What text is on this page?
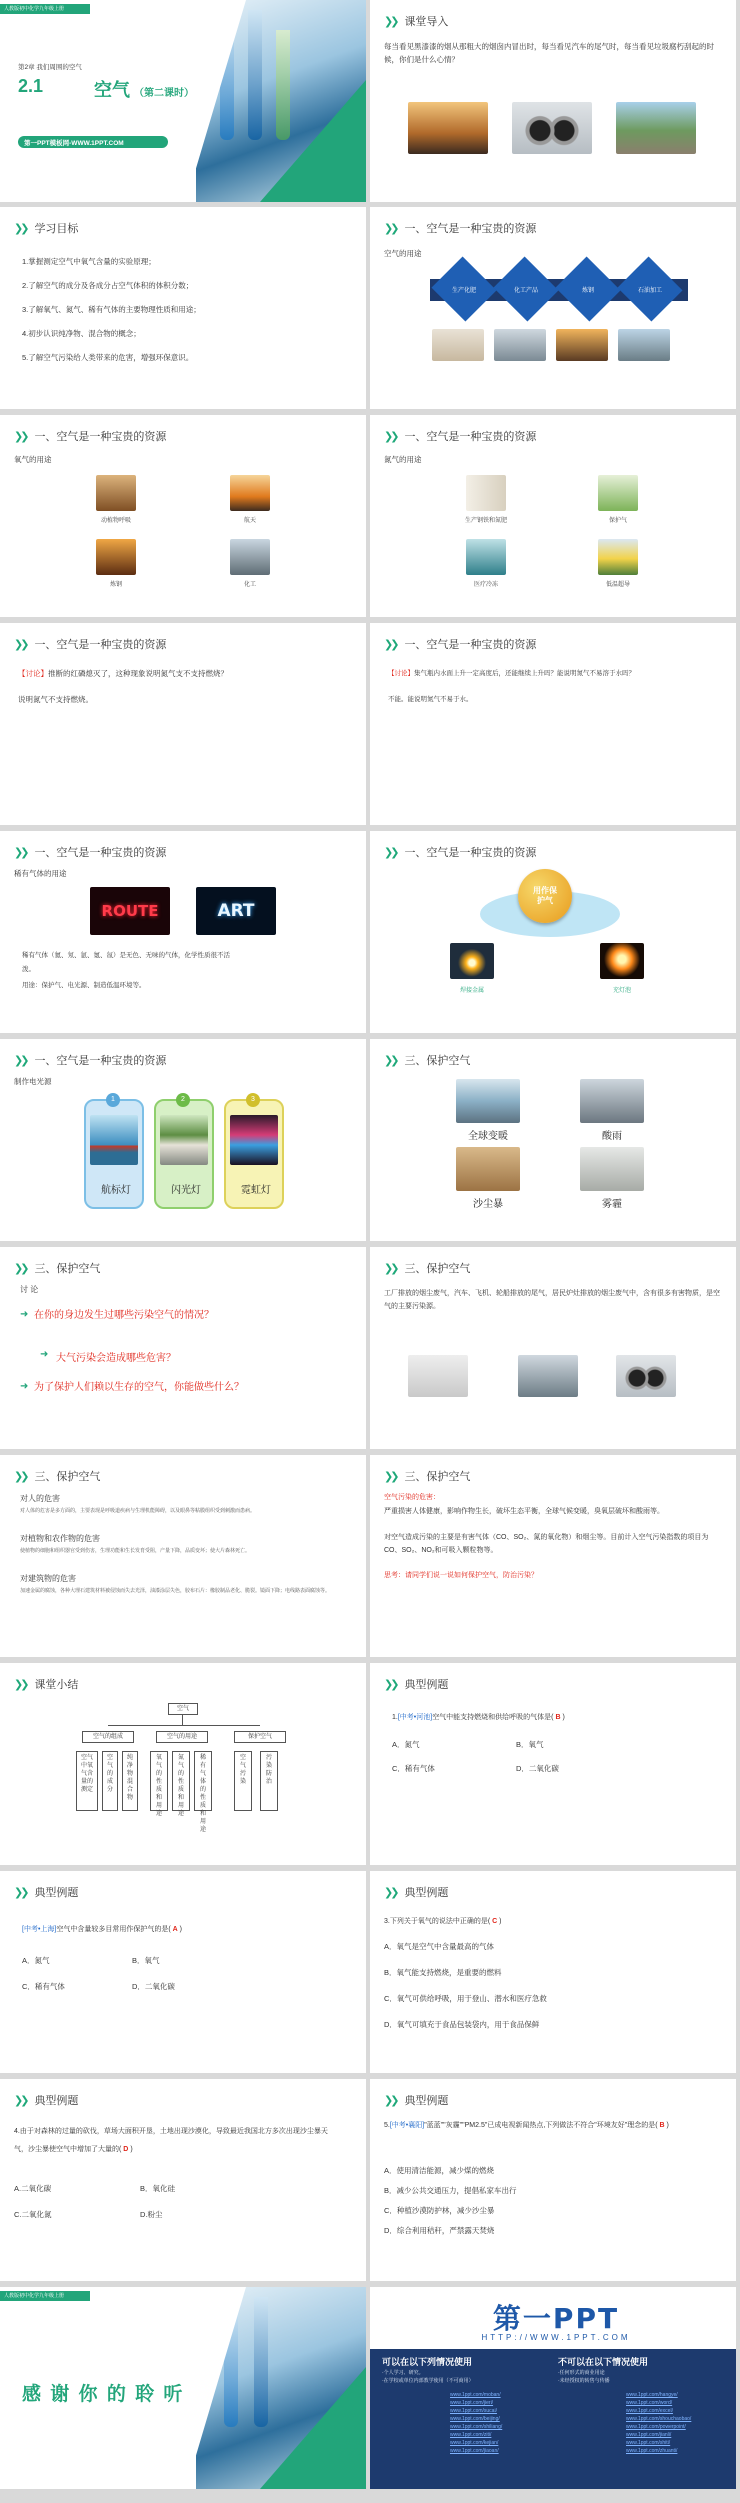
人教版初中化学九年级上册
第2章 我们周围的空气
2.1	空气 （第二课时）
第一PPT模板网-WWW.1PPT.COM
❯❯ 课堂导入
每当看见黑漆漆的烟从那粗大的烟囱内冒出时，每当看见汽车的尾气时，每当看见垃圾腐朽刮起的时候，你们是什么心情？
❯❯ 学习目标
1.掌握测定空气中氧气含量的实验原理；
2.了解空气的成分及各成分占空气体积的体积分数；
3.了解氧气、氮气、稀有气体的主要物理性质和用途；
4.初步认识纯净物、混合物的概念；
5.了解空气污染给人类带来的危害，增强环保意识。
❯❯ 一、空气是一种宝贵的资源
空气的用途
生产化肥	化工产品	炼钢	石油加工
❯❯ 一、空气是一种宝贵的资源
氧气的用途
动植物呼吸	航天
炼钢	化工
❯❯ 一、空气是一种宝贵的资源
氮气的用途
生产钢铁和氮肥	保护气
医疗冷冻	低温超导
❯❯ 一、空气是一种宝贵的资源
【讨论】推断的红磷熄灭了，这种现象说明氮气支不支持燃烧？
说明氮气不支持燃烧。
❯❯ 一、空气是一种宝贵的资源
【讨论】集气瓶内水面上升一定高度后，还能继续上升吗？能说明氮气不易溶于水吗？
不能。能说明氮气不易于水。
❯❯ 一、空气是一种宝贵的资源
稀有气体的用途
ROUTE	ART
稀有气体（氦、氖、氩、氪、氙）是无色、无味的气体，化学性质很不活泼。
用途：保护气、电光源、制造低温环境等。
❯❯ 一、空气是一种宝贵的资源
用作保护气
焊接金属	充灯泡
❯❯ 一、空气是一种宝贵的资源
制作电光源
1	2	3
航标灯	闪光灯	霓虹灯
❯❯ 三、保护空气
全球变暖	酸雨
沙尘暴	雾霾
❯❯ 三、保护空气
讨 论
➜ 在你的身边发生过哪些污染空气的情况？
➜ 大气污染会造成哪些危害？
➜ 为了保护人们赖以生存的空气，你能做些什么？
❯❯ 三、保护空气
工厂排放的烟尘废气，汽车、飞机、轮船排放的尾气，居民炉灶排放的烟尘废气中，含有很多有害物质，是空气的主要污染源。
❯❯ 三、保护空气
对人的危害
对人体的危害是多方面的，主要表现是呼吸道疾病与生理机能障碍，以及眼鼻等粘膜组织受到刺激而患病。
对植物和农作物的危害
使植物的细胞和组织器官受到伤害，生理功能和生长发育受阻，产量下降，品质变坏；使大片森林死亡。
对建筑物的危害
加速金属的腐蚀，各种大理石建筑材料被侵蚀而失去光泽，油漆涂层失色，胶布石片：橡胶制品老化、脆裂。镜面下降；电线路表面腐蚀等。
❯❯ 三、保护空气
空气污染的危害：
严重损害人体健康，影响作物生长，破坏生态平衡，全球气候变暖，臭氧层破坏和酸雨等。
对空气造成污染的主要是有害气体（CO、SO₂、氮的氧化物）和烟尘等。目前计入空气污染指数的项目为CO、SO₂、NO₂和可吸入颗粒物等。
思考：请同学们说一说如何保护空气，防治污染？
❯❯ 课堂小结
空气
空气的组成	空气的用途	保护空气
空气中氧气含量的测定
空气的成分
纯净物混合物
氧气的性质和用途
氮气的性质和用途
稀有气体的性质和用途
空气污染
污染防治
❯❯ 典型例题
1.[中考•河池]空气中能支持燃烧和供给呼吸的气体是( B )
A．氮气	B．氧气
C．稀有气体	D．二氧化碳
❯❯ 典型例题
[中考•上海]空气中含量较多目常用作保护气的是( A )
A．氮气	B．氧气
C．稀有气体	D．二氧化碳
❯❯ 典型例题
3.下列关于氧气的说法中正确的是( C )
A．氧气是空气中含量最高的气体
B．氧气能支持燃烧，是重要的燃料
C．氧气可供给呼吸，用于登山、潜水和医疗急救
D．氧气可填充于食品包装袋内，用于食品保鲜
❯❯ 典型例题
4.由于对森林的过量的砍伐，草场大面积开垦，土地出现沙漠化，导致最近我国北方多次出现沙尘暴天气，沙尘暴使空气中增加了大量的( D )
A.二氧化碳	B．氧化硅
C.二氧化氮	D.粉尘
❯❯ 典型例题
5.[中考•襄阳]"蓝蓝""灰霾""PM2.5"已成电视新闻热点,下列做法不符合"环境友好"理念的是( B )
A．使用清洁能源，减少煤的燃烧
B．减少公共交通压力，提倡私家车出行
C．种植沙漠防护林，减少沙尘暴
D．综合利用秸秆，严禁露天焚烧
人教版初中化学九年级上册
感 谢 你 的 聆 听
第一PPT
HTTP://WWW.1PPT.COM
可以在以下列情况使用
·个人学习、研究。
·在学校或单位内部教学使用（不可商用）
不可以在以下情况使用
·任何形式的商业用途
·未经授权的转售与传播
www.1ppt.com/moban/
www.1ppt.com/jieri/
www.1ppt.com/sucai/
www.1ppt.com/beijing/
www.1ppt.com/shiliang/
www.1ppt.com/ziti/
www.1ppt.com/kejian/
www.1ppt.com/jiaoan/
www.1ppt.com/hangye/
www.1ppt.com/word/
www.1ppt.com/excel/
www.1ppt.com/shouchaobao/
www.1ppt.com/powerpoint/
www.1ppt.com/jianli/
www.1ppt.com/shiti/
www.1ppt.com/zhuanti/
